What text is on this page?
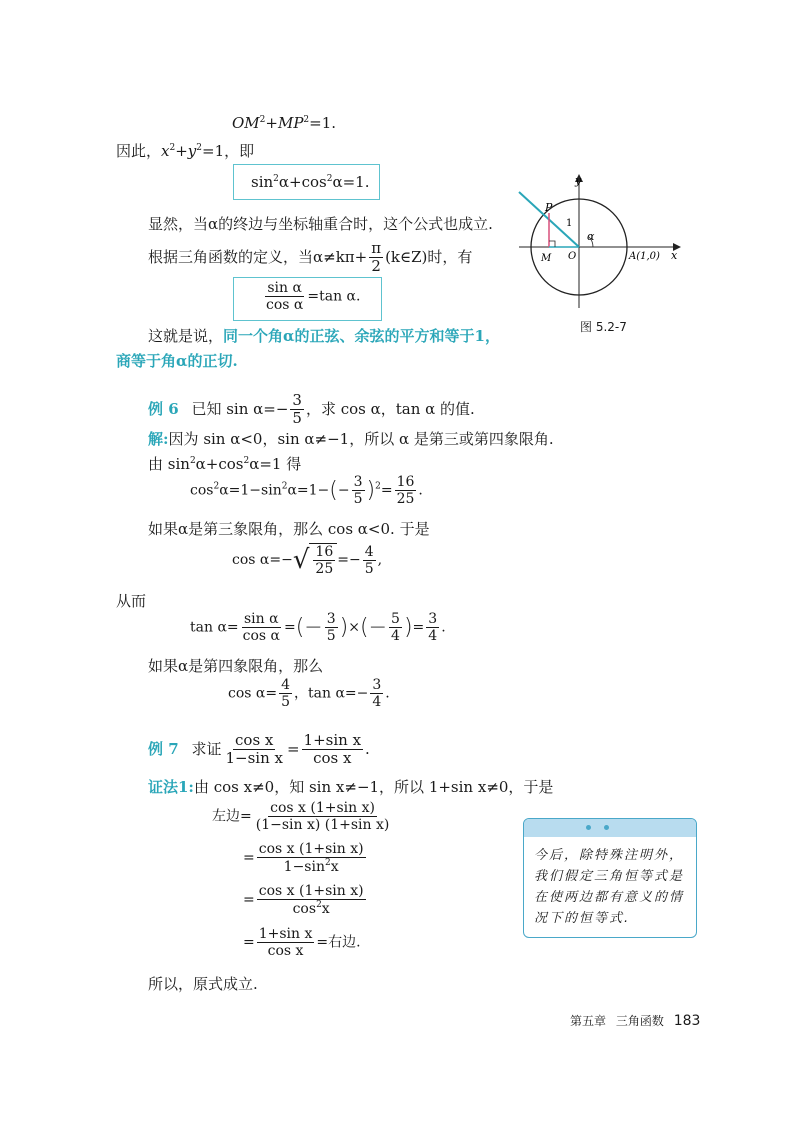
$OM^2+MP^2=1$.
因此，$x^2+y^2=1$，即
$\sin^2\alpha+\cos^2\alpha=1$.
显然，当α的终边与坐标轴重合时，这个公式也成立.
根据三角函数的定义，当$\alpha\ne k\pi+ \frac{\pi}{2}$ (k∈Z)时，有
$\frac{\text{sin α}}{\text{cos α}} =\tan$ α.
这就是说，同一个角α的正弦、余弦的平方和等于1，
商等于角α的正切.
y
x
P
1
α
M O	A(1,0)
图 5.2-7
例 6 已知 $\sin \alpha=- \frac{3}{5}$ ，求 cos α，tan α 的值.
解:因为 sin α<0，sin α≠−1，所以 α 是第三或第四象限角.
由 $\sin^2\alpha+\cos^2\alpha=1$ 得
$\cos^2\alpha=1-\sin^2\alpha=1-(- \frac{3}{5} )^2= \frac{16}{25}$ .
如果α是第三象限角，那么 cos α<0. 于是
cos α=− √ $\frac{16}{25} =- \frac{4}{5}$ ,
从而
$\tan \alpha= \frac{\text{sin α}}{\text{cos α}}$ =(− $\frac{3}{5}$ )×(− $\frac{5}{4}$ )= $\frac{3}{4}$ .
如果α是第四象限角，那么
$\cos \alpha= \frac{4}{5}$ ，$\tan \alpha=- \frac{3}{4}$ .
例 7 求证 $\frac{\text{cos x}}{\text{1−sin x}} = \frac{\text{1+sin x}}{\text{cos x}}$ .
证法1:由 cos x≠0，知 sin x≠−1，所以 1+sin x≠0，于是
左边= $\frac{\text{cos x (1+sin x)}}{\text{(1−sin x) (1+sin x)}}$
= $\frac{\text{cos x (1+sin x)}}{1-\sin^2x}$
= $\frac{\text{cos x (1+sin x)}}{\cos^2x}$
= $\frac{\text{1+sin x}}{\text{cos x}}$ =右边.
所以，原式成立.
今后，除特殊注明外，我们假定三角恒等式是在使两边都有意义的情况下的恒等式.
第五章 三角函数 183
